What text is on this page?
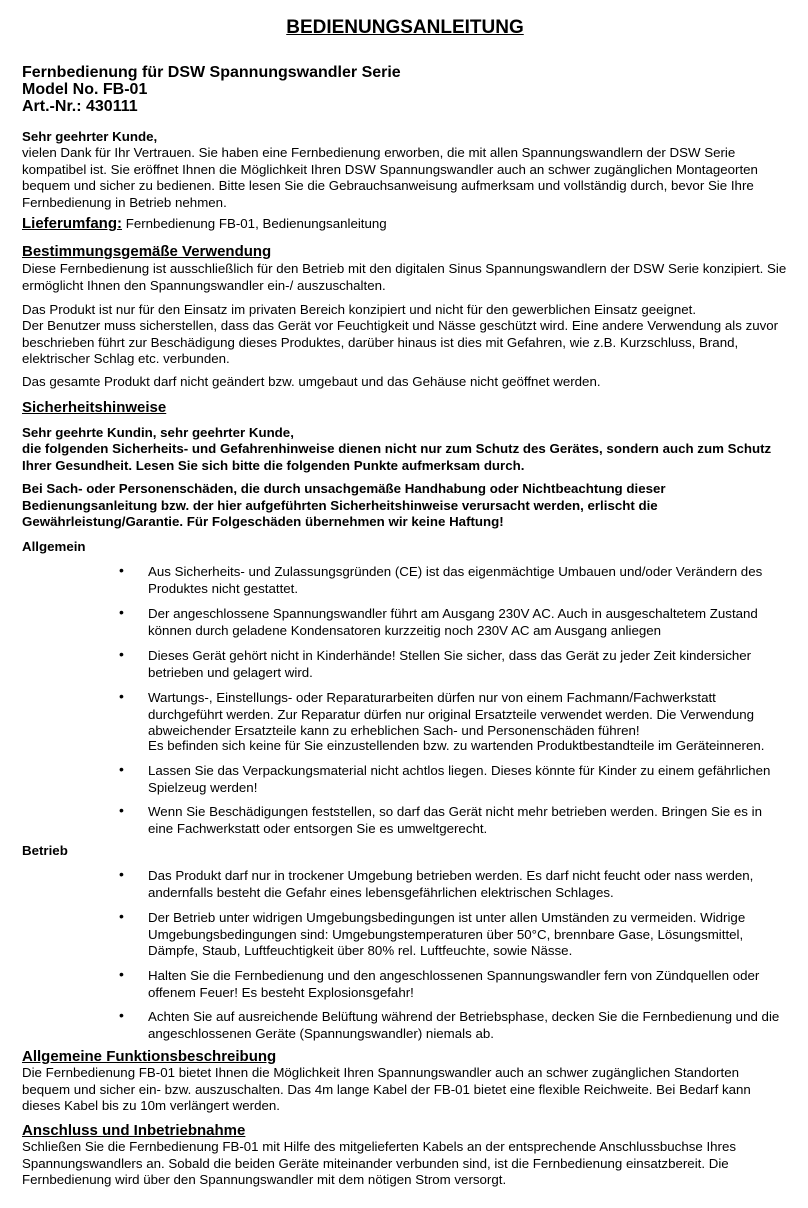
BEDIENUNGSANLEITUNG
Fernbedienung für DSW Spannungswandler Serie
Model No. FB-01
Art.-Nr.: 430111

Sehr geehrter Kunde,

vielen Dank für Ihr Vertrauen. Sie haben eine Fernbedienung erworben, die mit allen Spannungswandlern der DSW Serie kompatibel ist. Sie eröffnet Ihnen die Möglichkeit Ihren DSW Spannungswandler auch an schwer zugänglichen Montageorten bequem und sicher zu bedienen. Bitte lesen Sie die Gebrauchsanweisung aufmerksam und vollständig durch, bevor Sie Ihre Fernbedienung in Betrieb nehmen.

Lieferumfang: Fernbedienung FB-01, Bedienungsanleitung

Bestimmungsgemäße Verwendung

Diese Fernbedienung ist ausschließlich für den Betrieb mit den digitalen Sinus Spannungswandlern der DSW Serie konzipiert. Sie ermöglicht Ihnen den Spannungswandler ein-/ auszuschalten.

Das Produkt ist nur für den Einsatz im privaten Bereich konzipiert und nicht für den gewerblichen Einsatz geeignet.

Der Benutzer muss sicherstellen, dass das Gerät vor Feuchtigkeit und Nässe geschützt wird. Eine andere Verwendung als zuvor beschrieben führt zur Beschädigung dieses Produktes, darüber hinaus ist dies mit Gefahren, wie z.B. Kurzschluss, Brand, elektrischer Schlag etc. verbunden.

Das gesamte Produkt darf nicht geändert bzw. umgebaut und das Gehäuse nicht geöffnet werden.

Sicherheitshinweise

Sehr geehrte Kundin, sehr geehrter Kunde,

die folgenden Sicherheits- und Gefahrenhinweise dienen nicht nur zum Schutz des Gerätes, sondern auch zum Schutz Ihrer Gesundheit. Lesen Sie sich bitte die folgenden Punkte aufmerksam durch.

Bei Sach- oder Personenschäden, die durch unsachgemäße Handhabung oder Nichtbeachtung dieser Bedienungsanleitung bzw. der hier aufgeführten Sicherheitshinweise verursacht werden, erlischt die Gewährleistung/Garantie. Für Folgeschäden übernehmen wir keine Haftung!

Allgemein

• Aus Sicherheits- und Zulassungsgründen (CE) ist das eigenmächtige Umbauen und/oder Verändern des Produktes nicht gestattet.

• Der angeschlossene Spannungswandler führt am Ausgang 230V AC. Auch in ausgeschaltetem Zustand können durch geladene Kondensatoren kurzzeitig noch 230V AC am Ausgang anliegen

• Dieses Gerät gehört nicht in Kinderhände! Stellen Sie sicher, dass das Gerät zu jeder Zeit kindersicher betrieben und gelagert wird.

• Wartungs-, Einstellungs- oder Reparaturarbeiten dürfen nur von einem Fachmann/Fachwerkstatt durchgeführt werden. Zur Reparatur dürfen nur original Ersatzteile verwendet werden. Die Verwendung abweichender Ersatzteile kann zu erheblichen Sach- und Personenschäden führen!

Es befinden sich keine für Sie einzustellenden bzw. zu wartenden Produktbestandteile im Geräteinneren.

• Lassen Sie das Verpackungsmaterial nicht achtlos liegen. Dieses könnte für Kinder zu einem gefährlichen Spielzeug werden!

• Wenn Sie Beschädigungen feststellen, so darf das Gerät nicht mehr betrieben werden. Bringen Sie es in eine Fachwerkstatt oder entsorgen Sie es umweltgerecht.

Betrieb

• Das Produkt darf nur in trockener Umgebung betrieben werden. Es darf nicht feucht oder nass werden, andernfalls besteht die Gefahr eines lebensgefährlichen elektrischen Schlages.

• Der Betrieb unter widrigen Umgebungsbedingungen ist unter allen Umständen zu vermeiden. Widrige Umgebungsbedingungen sind: Umgebungstemperaturen über 50°C, brennbare Gase, Lösungsmittel, Dämpfe, Staub, Luftfeuchtigkeit über 80% rel. Luftfeuchte, sowie Nässe.

• Halten Sie die Fernbedienung und den angeschlossenen Spannungswandler fern von Zündquellen oder offenem Feuer! Es besteht Explosionsgefahr!

• Achten Sie auf ausreichende Belüftung während der Betriebsphase, decken Sie die Fernbedienung und die angeschlossenen Geräte (Spannungswandler) niemals ab.

Allgemeine Funktionsbeschreibung

Die Fernbedienung FB-01 bietet Ihnen die Möglichkeit Ihren Spannungswandler auch an schwer zugänglichen Standorten bequem und sicher ein- bzw. auszuschalten. Das 4m lange Kabel der FB-01 bietet eine flexible Reichweite. Bei Bedarf kann dieses Kabel bis zu 10m verlängert werden.

Anschluss und Inbetriebnahme

Schließen Sie die Fernbedienung FB-01 mit Hilfe des mitgelieferten Kabels an der entsprechende Anschlussbuchse Ihres Spannungswandlers an. Sobald die beiden Geräte miteinander verbunden sind, ist die Fernbedienung einsatzbereit. Die Fernbedienung wird über den Spannungswandler mit dem nötigen Strom versorgt.
